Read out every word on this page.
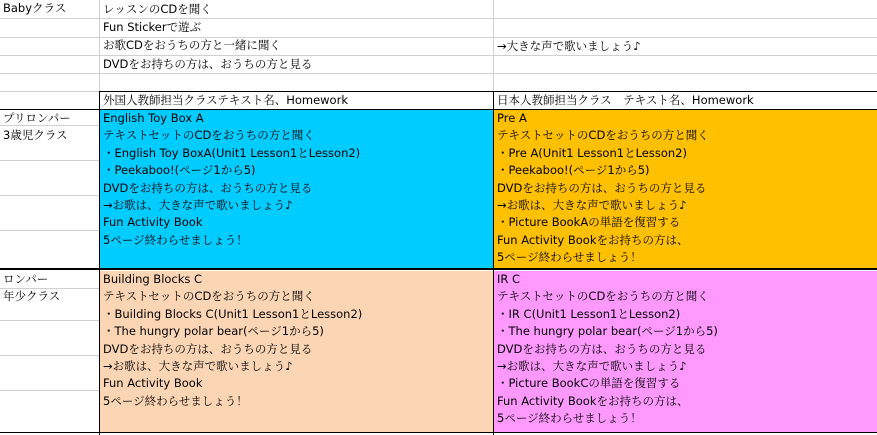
Babyクラス	レッスンのCDを聞く
Fun Stickerで遊ぶ
お歌CDをおうちの方と一緒に聞く
DVDをお持ちの方は、おうちの方と見る
→大きな声で歌いましょう♪
外国人教師担当クラステキスト名、Homework	日本人教師担当クラス　テキスト名、Homework
プリロンパー
3歳児クラス
English Toy Box A
テキストセットのCDをおうちの方と聞く
・English Toy BoxA(Unit1 Lesson1とLesson2)
・Peekaboo!(ページ1から5)
DVDをお持ちの方は、おうちの方と見る
→お歌は、大きな声で歌いましょう♪
Fun Activity Book
5ページ終わらせましょう！
Pre A
テキストセットのCDをおうちの方と聞く
・Pre A(Unit1 Lesson1とLesson2)
・Peekaboo!(ページ1から5)
DVDをお持ちの方は、おうちの方と見る
→お歌は、大きな声で歌いましょう♪
・Picture BookAの単語を復習する
Fun Activity Bookをお持ちの方は、
5ページ終わらせましょう！
ロンパー
年少クラス
Building Blocks C
テキストセットのCDをおうちの方と聞く
・Building Blocks C(Unit1 Lesson1とLesson2)
・The hungry polar bear(ページ1から5)
DVDをお持ちの方は、おうちの方と見る
→お歌は、大きな声で歌いましょう♪
Fun Activity Book
5ページ終わらせましょう！
IR C
テキストセットのCDをおうちの方と聞く
・IR C(Unit1 Lesson1とLesson2)
・The hungry polar bear(ページ1から5)
DVDをお持ちの方は、おうちの方と見る
→お歌は、大きな声で歌いましょう♪
・Picture BookCの単語を復習する
Fun Activity Bookをお持ちの方は、
5ページ終わらせましょう！
